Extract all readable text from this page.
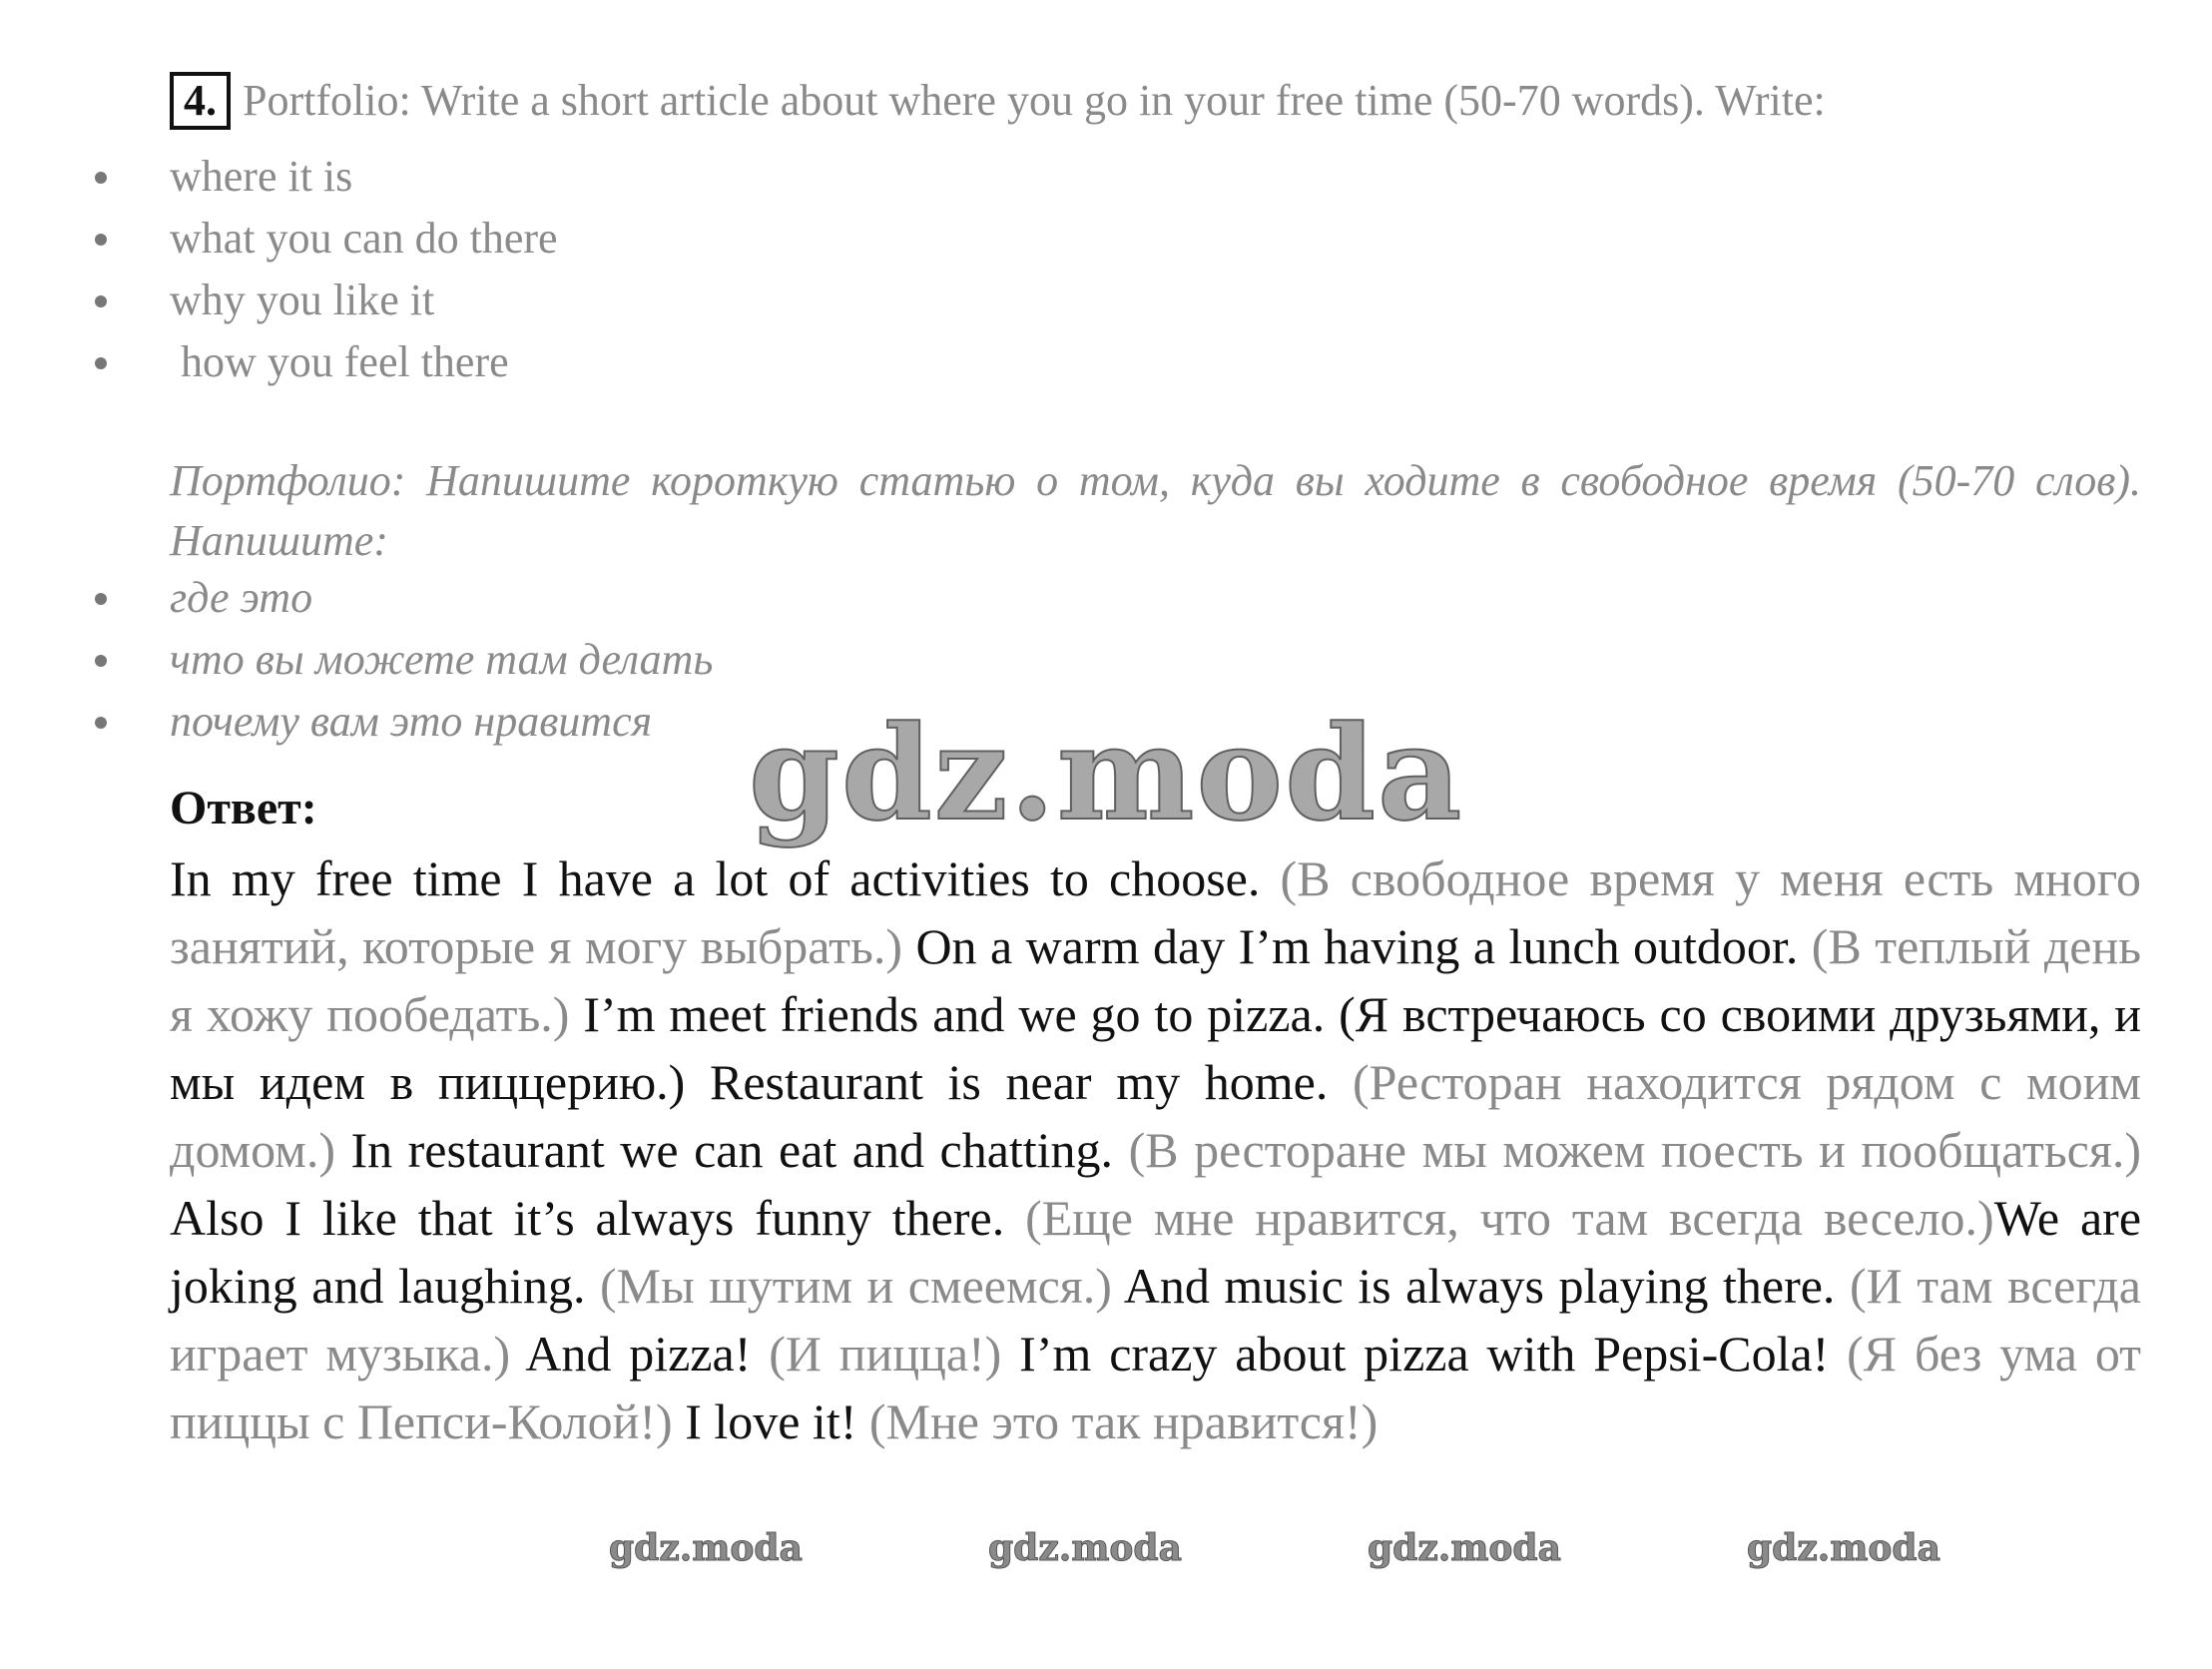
4. Portfolio: Write a short article about where you go in your free time (50-70 words). Write:
where it is
what you can do there
why you like it
how you feel there
Портфолио: Напишите короткую статью о том, куда вы ходите в свободное время (50-70 слов). Напишите:
где это
что вы можете там делать
почему вам это нравится
Ответ:
In my free time I have a lot of activities to choose. (В свободное время у меня есть много занятий, которые я могу выбрать.) On a warm day I’m having a lunch outdoor. (В теплый день я хожу пообедать.) I’m meet friends and we go to pizza. (Я встречаюсь со своими друзьями, и мы идем в пиццерию.) Restaurant is near my home. (Ресторан находится рядом с моим домом.) In restaurant we can eat and chatting. (В ресторане мы можем поесть и пообщаться.) Also I like that it’s always funny there. (Еще мне нравится, что там всегда весело.)We are joking and laughing. (Мы шутим и смеемся.) And music is always playing there. (И там всегда играет музыка.) And pizza! (И пицца!) I’m crazy about pizza with Pepsi-Cola! (Я без ума от пиццы с Пепси-Колой!) I love it! (Мне это так нравится!)
gdz.moda
gdz.moda	gdz.moda	gdz.moda	gdz.moda
